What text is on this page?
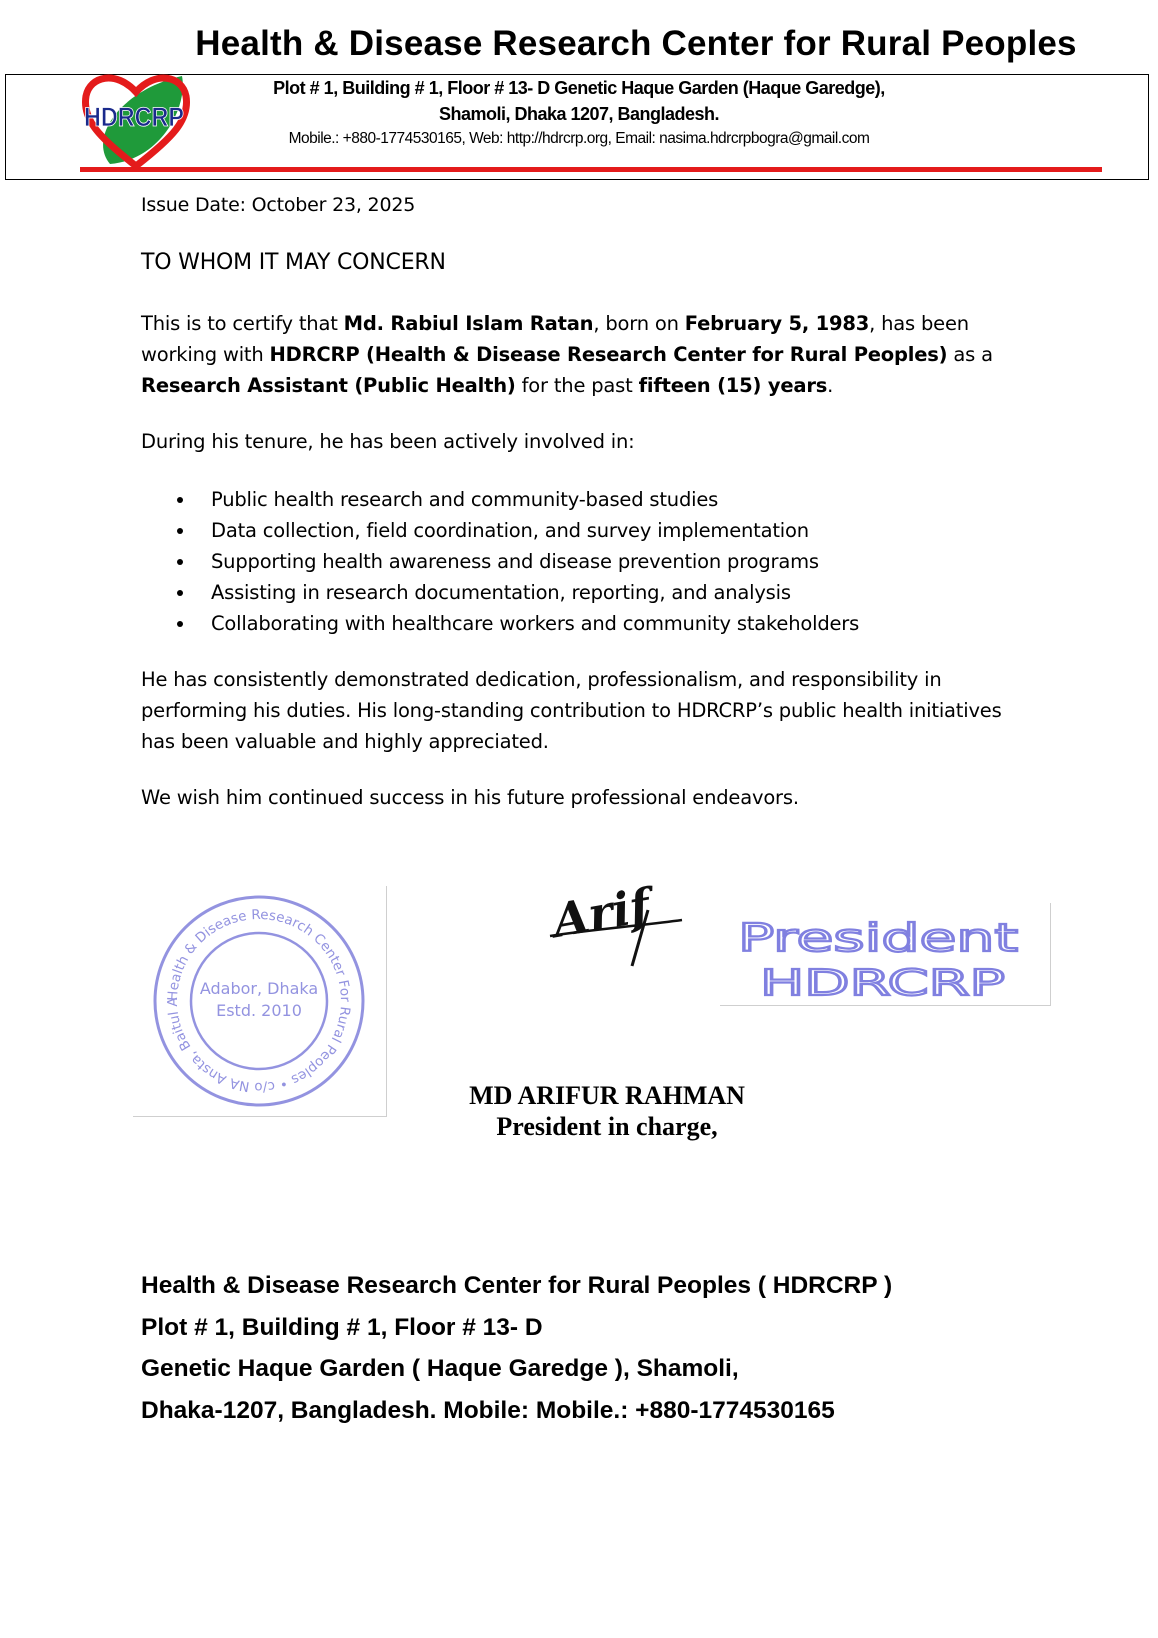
Health & Disease Research Center for Rural Peoples
HDRCRP
Plot # 1, Building # 1, Floor # 13- D Genetic Haque Garden (Haque Garedge),
Shamoli, Dhaka 1207, Bangladesh.
Mobile.: +880-1774530165, Web: http://hdrcrp.org, Email: nasima.hdrcrpbogra@gmail.com
Issue Date: October 23, 2025
TO WHOM IT MAY CONCERN
This is to certify that Md. Rabiul Islam Ratan, born on February 5, 1983, has been working with HDRCRP (Health & Disease Research Center for Rural Peoples) as a Research Assistant (Public Health) for the past fifteen (15) years.
During his tenure, he has been actively involved in:
Public health research and community-based studies
Data collection, field coordination, and survey implementation
Supporting health awareness and disease prevention programs
Assisting in research documentation, reporting, and analysis
Collaborating with healthcare workers and community stakeholders
He has consistently demonstrated dedication, professionalism, and responsibility in performing his duties. His long-standing contribution to HDRCRP’s public health initiatives has been valuable and highly appreciated.
We wish him continued success in his future professional endeavors.
Health & Disease Research Center For Rural Peoples • c/o NA Ansta, Baitul A
Adabor, Dhaka
Estd. 2010
Arif President
HDRCRP
MD ARIFUR RAHMAN
President in charge,
Health & Disease Research Center for Rural Peoples ( HDRCRP )
Plot # 1, Building # 1, Floor # 13- D
Genetic Haque Garden ( Haque Garedge ), Shamoli,
Dhaka-1207, Bangladesh. Mobile: Mobile.: +880-1774530165
